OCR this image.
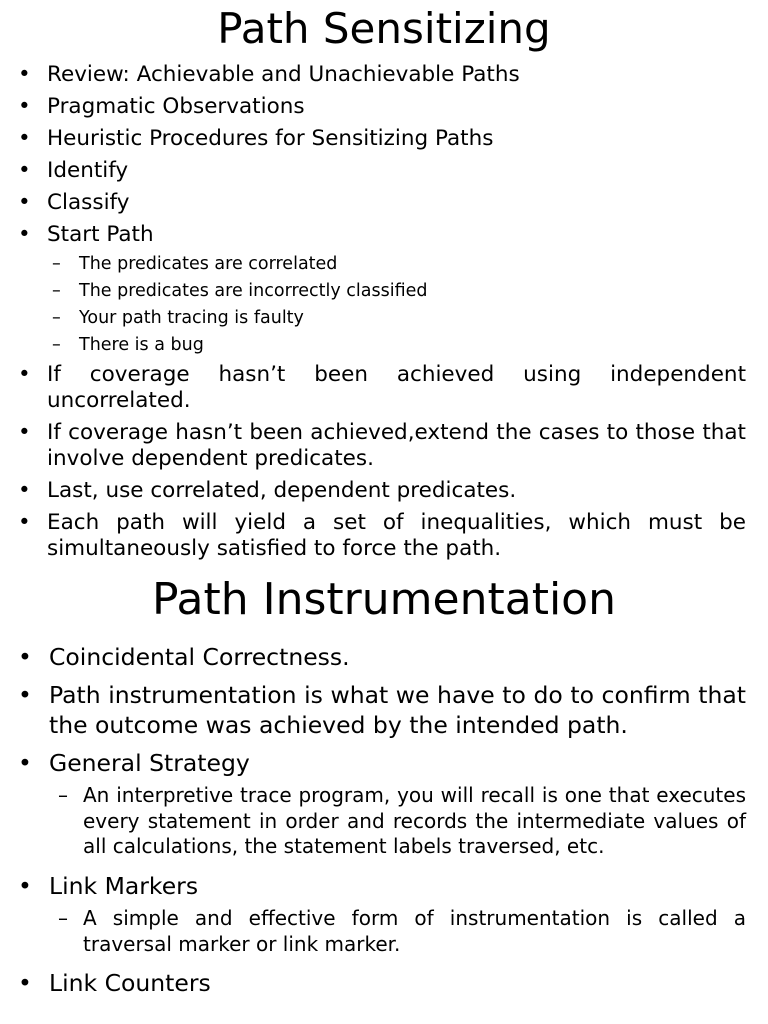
Path Sensitizing
• Review: Achievable and Unachievable Paths
• Pragmatic Observations
• Heuristic Procedures for Sensitizing Paths
• Identify
• Classify
• Start Path
– The predicates are correlated
– The predicates are incorrectly classified
– Your path tracing is faulty
– There is a bug
• If coverage hasn’t been achieved using independent uncorrelated.
• If coverage hasn’t been achieved,extend the cases to those that involve dependent predicates.
• Last, use correlated, dependent predicates.
• Each path will yield a set of inequalities, which must be simultaneously satisfied to force the path.
Path Instrumentation
• Coincidental Correctness.
• Path instrumentation is what we have to do to confirm that the outcome was achieved by the intended path.
• General Strategy
– An interpretive trace program, you will recall is one that executes every statement in order and records the intermediate values of all calculations, the statement labels traversed, etc.
• Link Markers
– A simple and effective form of instrumentation is called a traversal marker or link marker.
• Link Counters
